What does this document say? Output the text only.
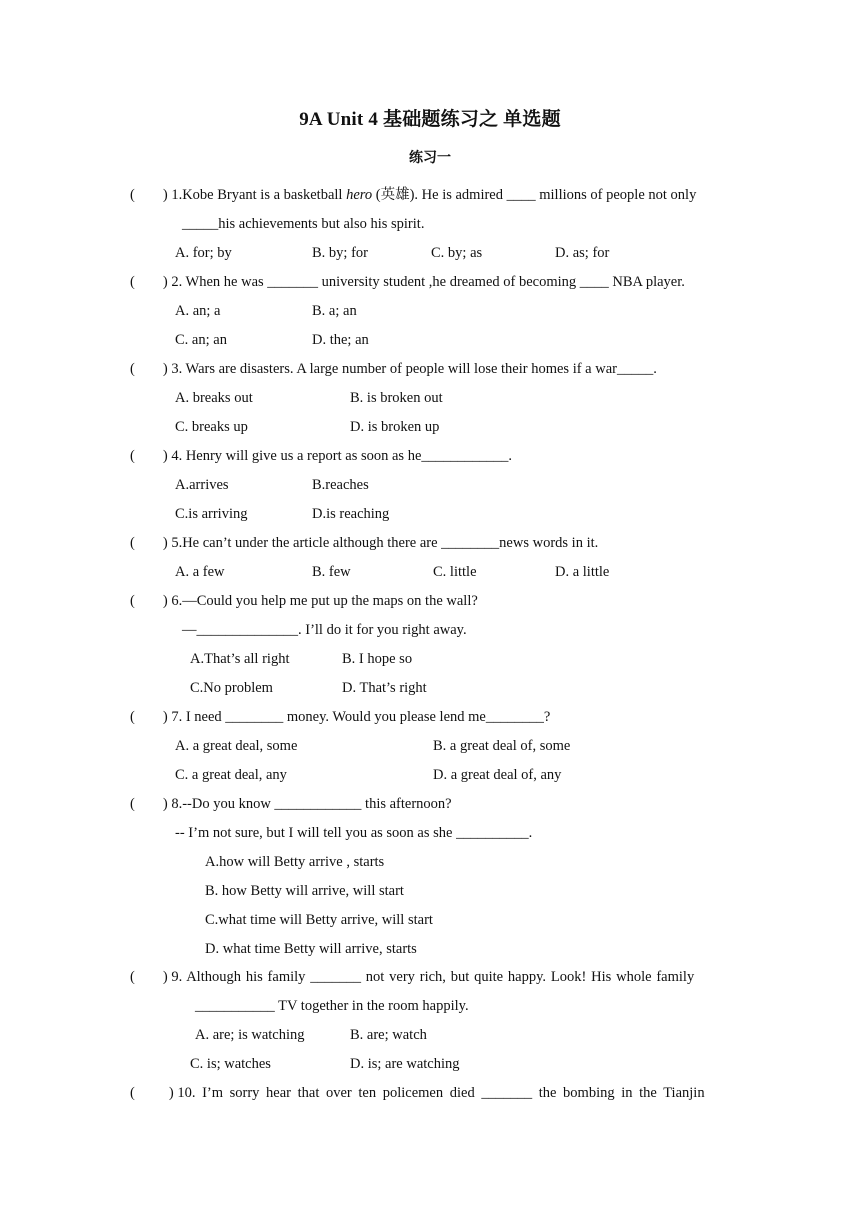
9A Unit 4 基础题练习之 单选题
练习一
( ) 1.Kobe Bryant is a basketball hero (英雄). He is admired ____ millions of people not only
_____his achievements but also his spirit.
A. for; by	B. by; for	C. by; as	D. as; for
( ) 2. When he was _______ university student ,he dreamed of becoming ____ NBA player.
A. an; a	B. a; an
C. an; an	D. the; an
( ) 3. Wars are disasters. A large number of people will lose their homes if a war_____.
A. breaks out	B. is broken out
C. breaks up	D. is broken up
( ) 4. Henry will give us a report as soon as he____________.
A.arrives	B.reaches
C.is arriving	D.is reaching
( ) 5.He can’t under the article although there are ________news words in it.
A. a few	B. few	C. little	D. a little
( ) 6.—Could you help me put up the maps on the wall?
—______________. I’ll do it for you right away.
A.That’s all right	B. I hope so
C.No problem	D. That’s right
( ) 7. I need ________ money. Would you please lend me________?
A. a great deal, some	B. a great deal of, some
C. a great deal, any	D. a great deal of, any
( ) 8.--Do you know ____________ this afternoon?
-- I’m not sure, but I will tell you as soon as she __________.
A.how will Betty arrive , starts
B. how Betty will arrive, will start
C.what time will Betty arrive, will start
D. what time Betty will arrive, starts
( ) 9. Although his family _______ not very rich, but quite happy. Look! His whole family
___________ TV together in the room happily.
A. are; is watching	B. are; watch
C. is; watches	D. is; are watching
( ) 10. I’m sorry hear that over ten policemen died _______ the bombing in the Tianjin
